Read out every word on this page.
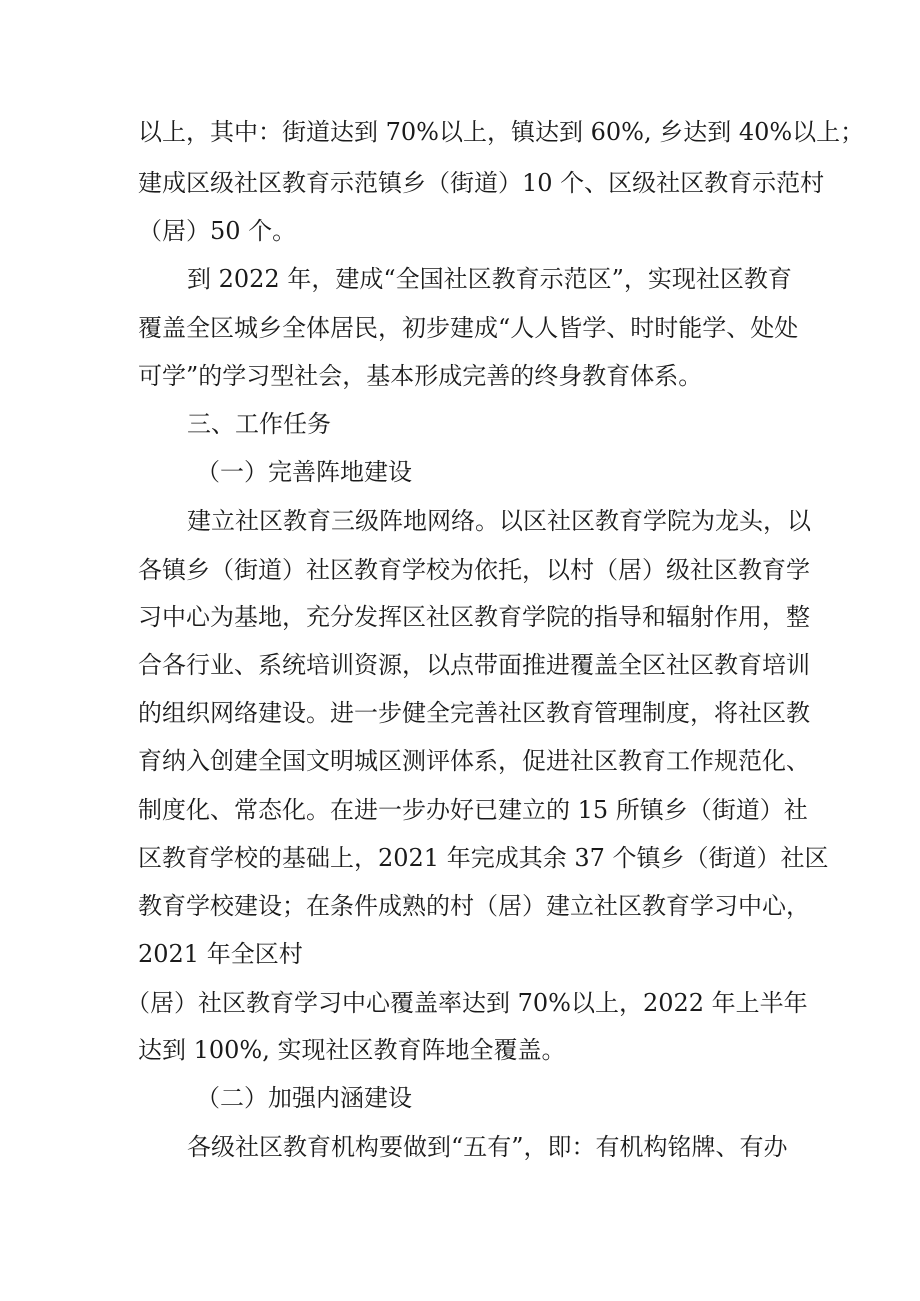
以上，其中：街道达到 70%以上，镇达到 60%, 乡达到 40%以上；

建成区级社区教育示范镇乡（街道）10 个、区级社区教育示范村

（居）50 个。

到 2022 年，建成“全国社区教育示范区”，实现社区教育

覆盖全区城乡全体居民，初步建成“人人皆学、时时能学、处处

可学”的学习型社会，基本形成完善的终身教育体系。

三、工作任务

（一）完善阵地建设

建立社区教育三级阵地网络。以区社区教育学院为龙头，以

各镇乡（街道）社区教育学校为依托，以村（居）级社区教育学

习中心为基地，充分发挥区社区教育学院的指导和辐射作用，整

合各行业、系统培训资源，以点带面推进覆盖全区社区教育培训

的组织网络建设。进一步健全完善社区教育管理制度，将社区教

育纳入创建全国文明城区测评体系，促进社区教育工作规范化、

制度化、常态化。在进一步办好已建立的 15 所镇乡（街道）社

区教育学校的基础上，2021 年完成其余 37 个镇乡（街道）社区

教育学校建设；在条件成熟的村（居）建立社区教育学习中心，

2021 年全区村

（居）社区教育学习中心覆盖率达到 70%以上，2022 年上半年

达到 100%, 实现社区教育阵地全覆盖。

（二）加强内涵建设

各级社区教育机构要做到“五有”，即：有机构铭牌、有办
